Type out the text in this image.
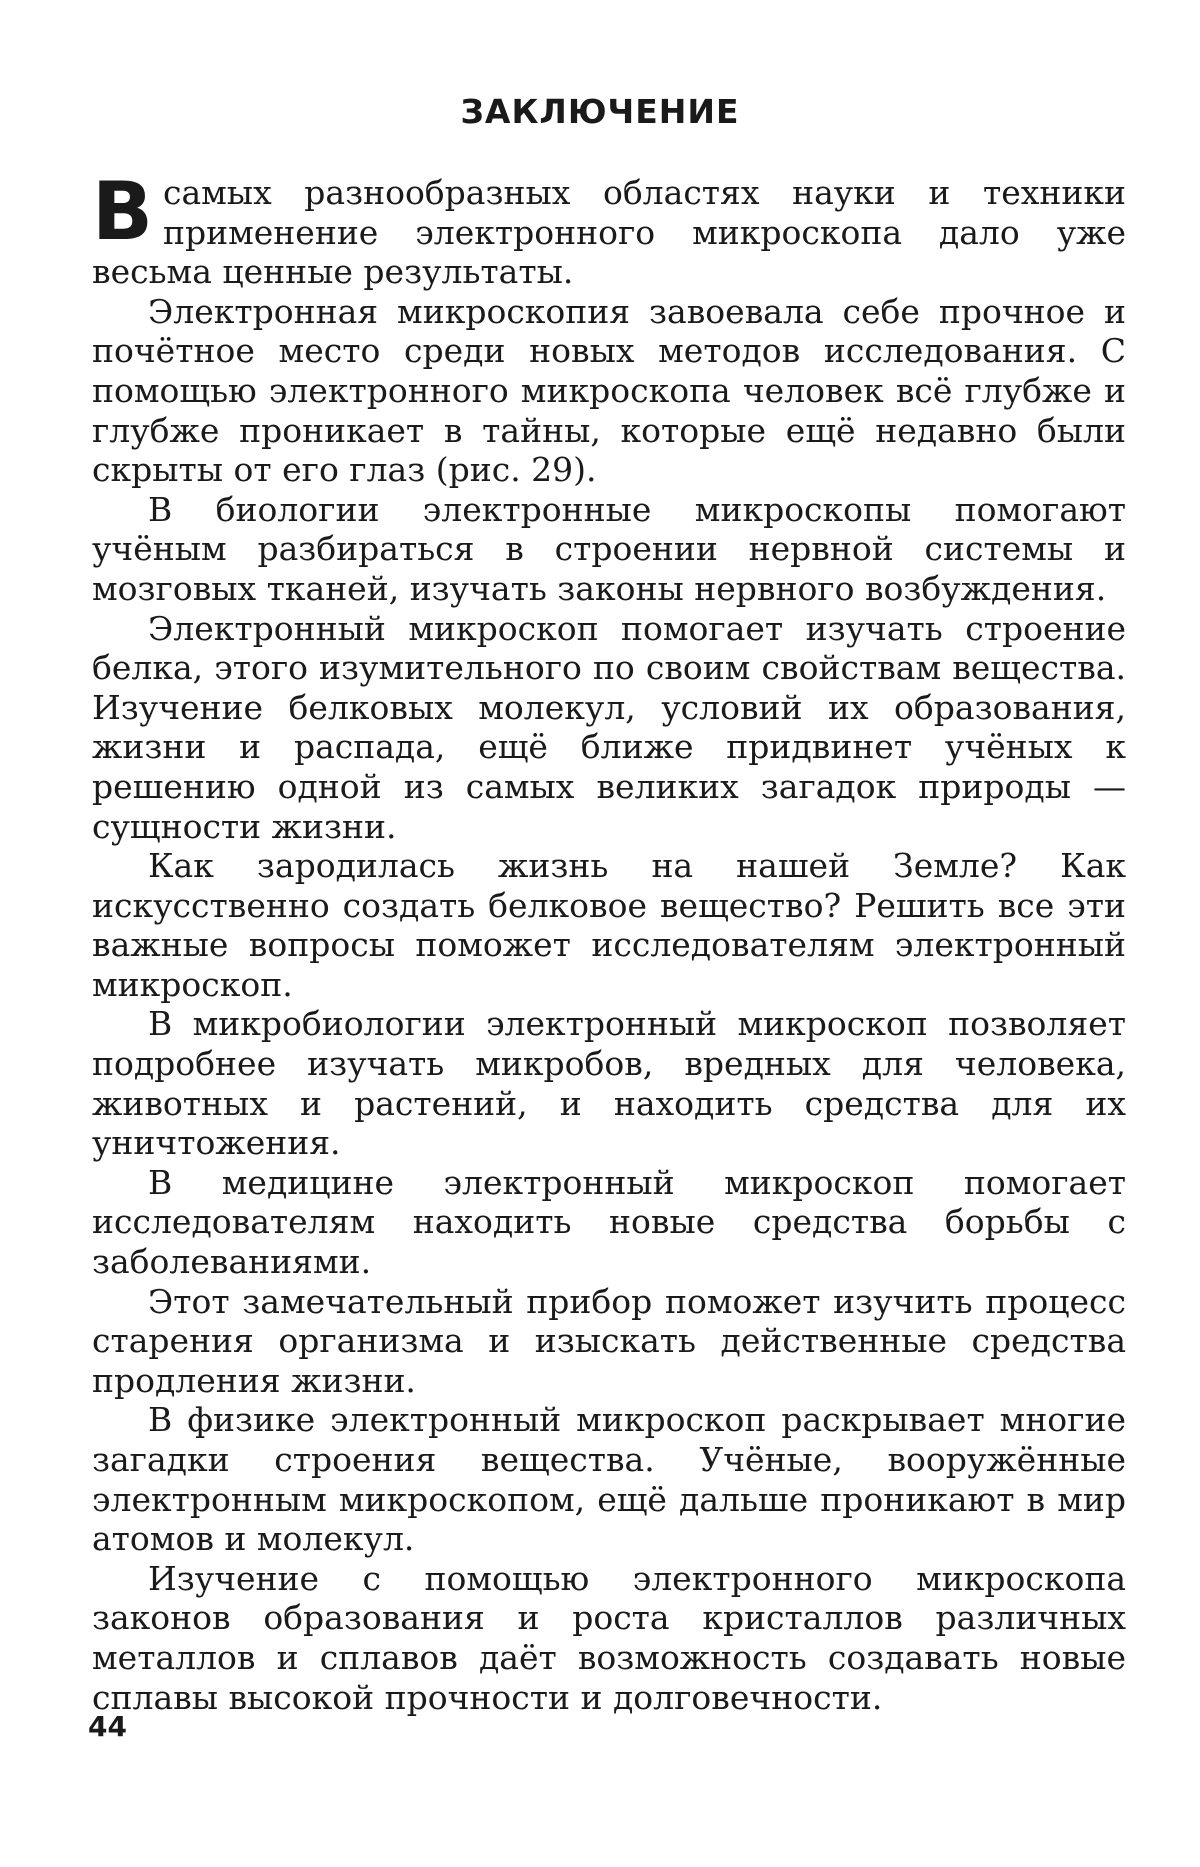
ЗАКЛЮЧЕНИЕ

Всамых разнообразных областях науки и техники применение электронного микроскопа дало уже весьма ценные результаты.

Электронная микроскопия завоевала себе прочное и почётное место среди новых методов исследования. С помощью электронного микроскопа человек всё глубже и глубже проникает в тайны, которые ещё недавно были скрыты от его глаз (рис. 29).

В биологии электронные микроскопы помогают учёным разбираться в строении нервной системы и мозговых тканей, изучать законы нервного возбуждения.

Электронный микроскоп помогает изучать строение белка, этого изумительного по своим свойствам вещества. Изучение белковых молекул, условий их образования, жизни и распада, ещё ближе придвинет учёных к решению одной из самых великих загадок природы — сущности жизни.

Как зародилась жизнь на нашей Земле? Как искусственно создать белковое вещество? Решить все эти важные вопросы поможет исследователям электронный микроскоп.

В микробиологии электронный микроскоп позволяет подробнее изучать микробов, вредных для человека, животных и растений, и находить средства для их уничтожения.

В медицине электронный микроскоп помогает исследователям находить новые средства борьбы с заболеваниями.

Этот замечательный прибор поможет изучить процесс старения организма и изыскать действенные средства продления жизни.

В физике электронный микроскоп раскрывает многие загадки строения вещества. Учёные, вооружённые электронным микроскопом, ещё дальше проникают в мир атомов и молекул.

Изучение с помощью электронного микроскопа законов образования и роста кристаллов различных металлов и сплавов даёт возможность создавать новые сплавы высокой прочности и долговечности.

44
